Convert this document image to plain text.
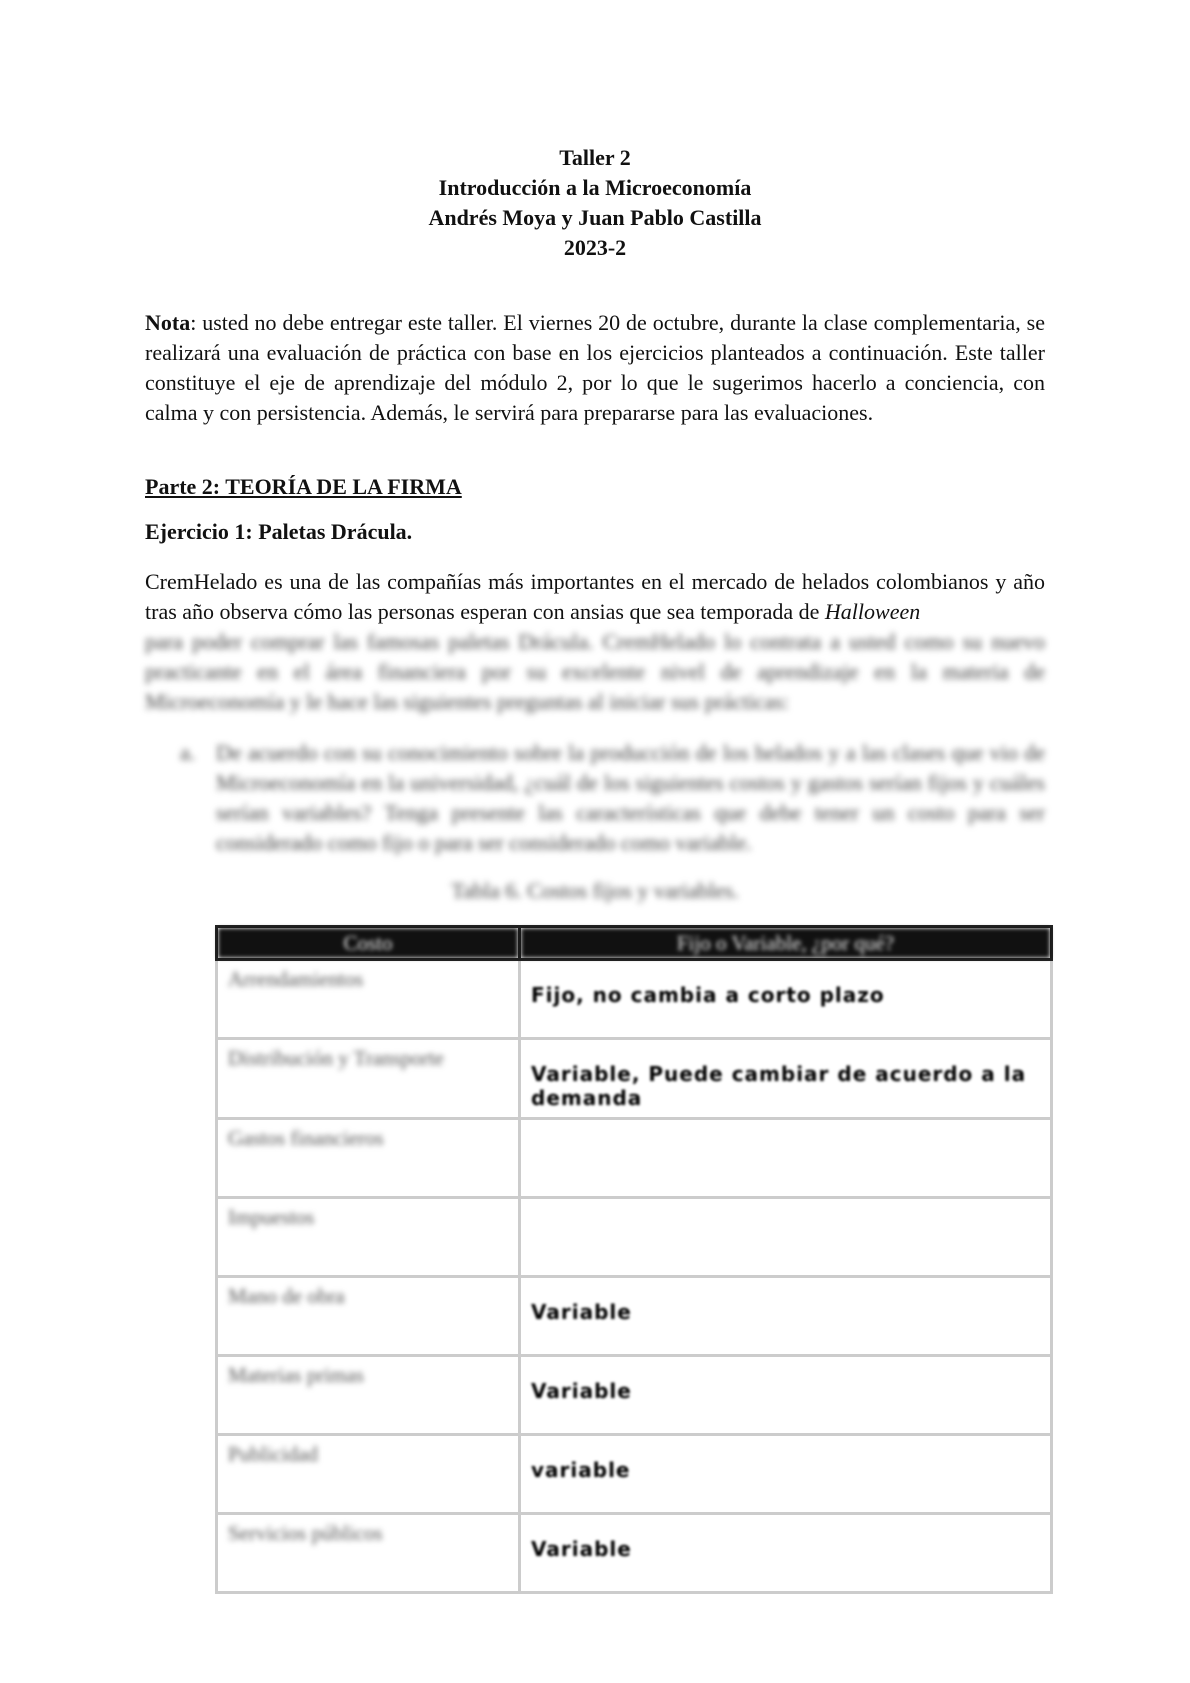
Taller 2
Introducción a la Microeconomía
Andrés Moya y Juan Pablo Castilla
2023-2

Nota: usted no debe entregar este taller. El viernes 20 de octubre, durante la clase complementaria, se realizará una evaluación de práctica con base en los ejercicios planteados a continuación. Este taller constituye el eje de aprendizaje del módulo 2, por lo que le sugerimos hacerlo a conciencia, con calma y con persistencia. Además, le servirá para prepararse para las evaluaciones.

Parte 2: TEORÍA DE LA FIRMA
Ejercicio 1: Paletas Drácula.

CremHelado es una de las compañías más importantes en el mercado de helados colombianos y año tras año observa cómo las personas esperan con ansias que sea temporada de Halloween

para poder comprar las famosas paletas Drácula. CremHelado lo contrata a usted como su nuevo practicante en el área financiera por su excelente nivel de aprendizaje en la materia de Microeconomía y le hace las siguientes preguntas al iniciar sus prácticas:

a. De acuerdo con su conocimiento sobre la producción de los helados y a las clases que vio de Microeconomía en la universidad, ¿cuál de los siguientes costos y gastos serían fijos y cuáles serían variables? Tenga presente las características que debe tener un costo para ser considerado como fijo o para ser considerado como variable.
Tabla 6. Costos fijos y variables.
Costo	Fijo o Variable, ¿por qué?
Arrendamientos	Fijo, no cambia a corto plazo
Distribución y Transporte	Variable, Puede cambiar de acuerdo a la demanda
Gastos financieros	
Impuestos	
Mano de obra	Variable
Materias primas	Variable
Publicidad	variable
Servicios públicos	Variable
